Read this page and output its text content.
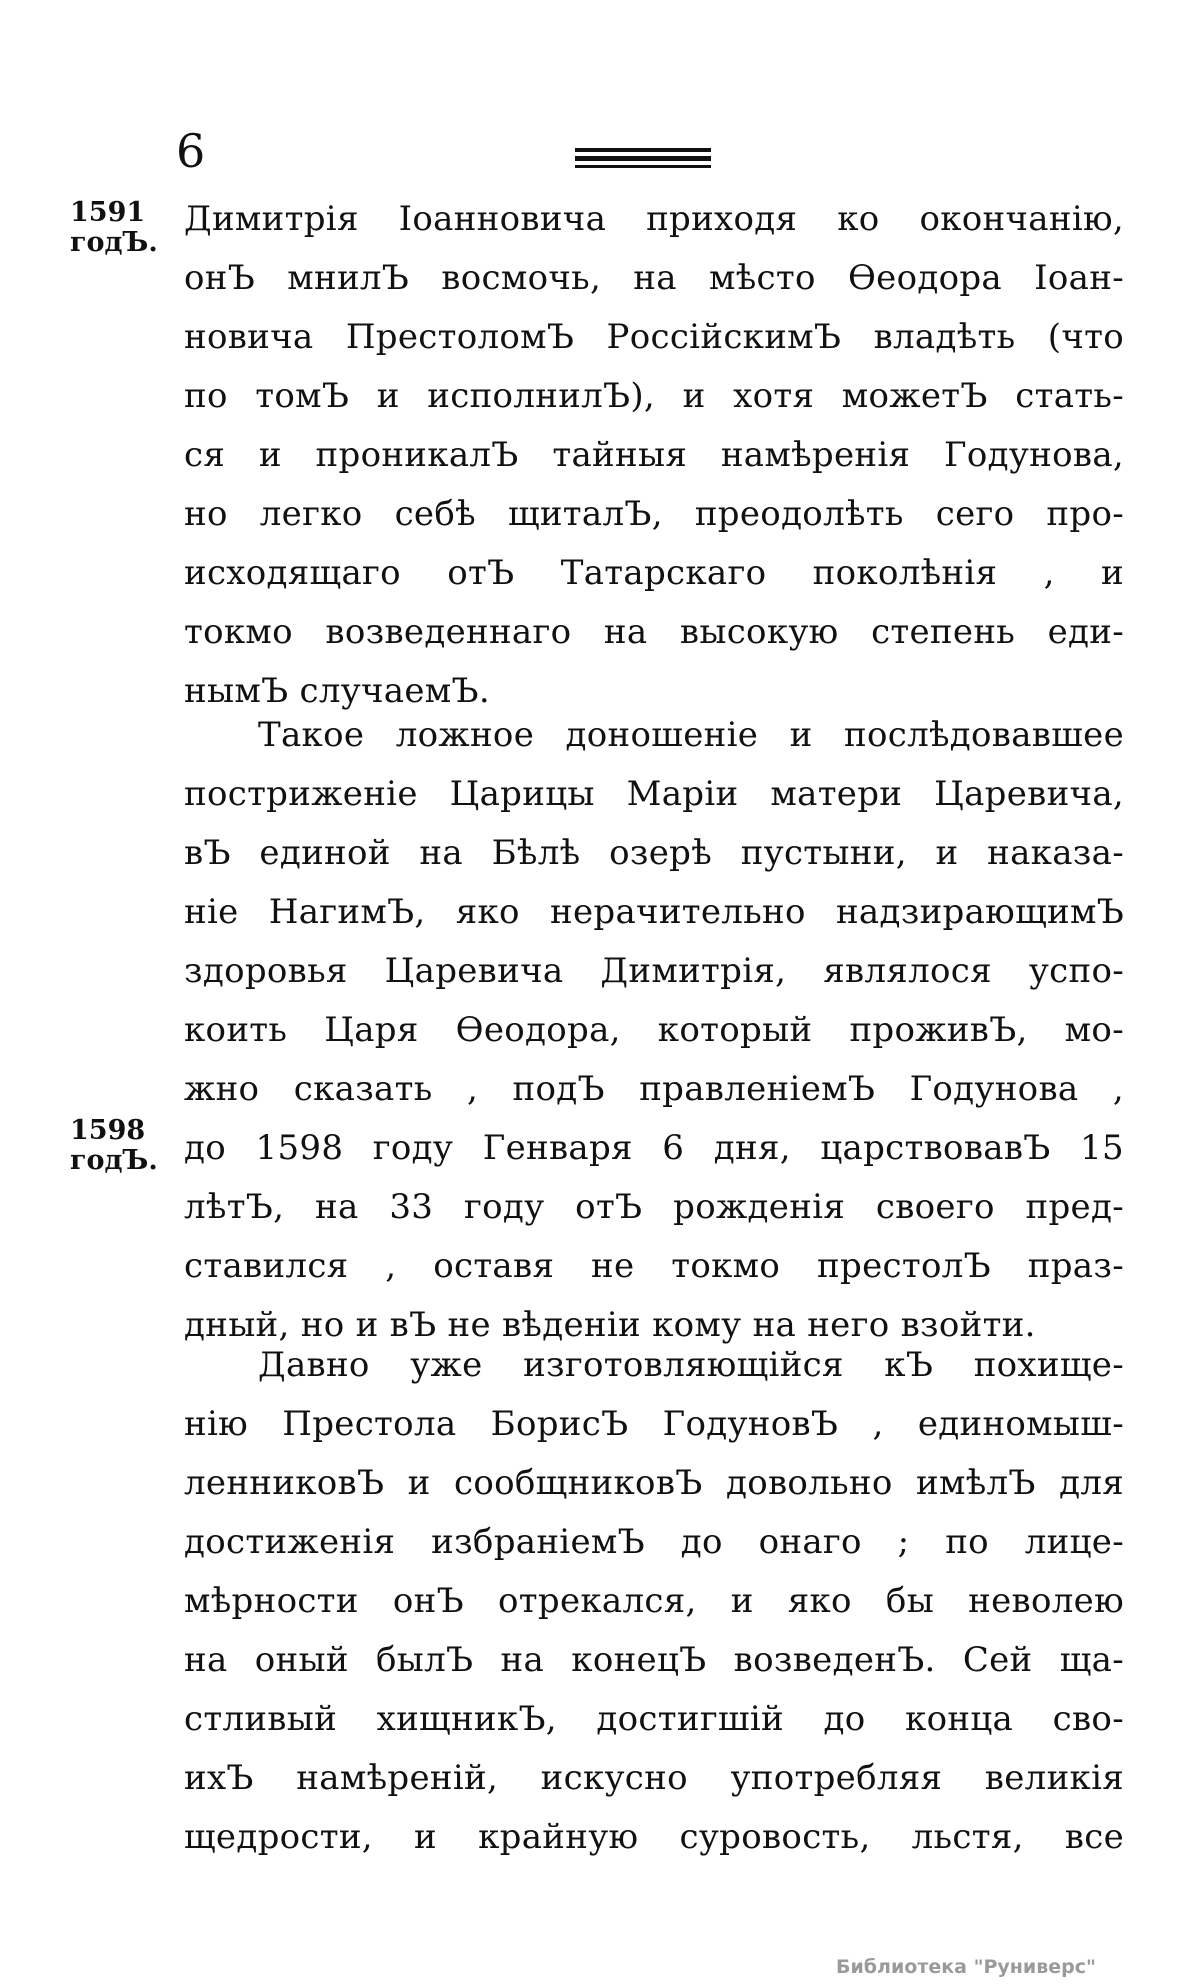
6
1591
годЪ.
1598
годЪ.
Димитрія Іоанновича приходя ко окончанію,
онЪ мнилЪ восмочь, на мѣсто Ѳеодора Іоан-
новича ПрестоломЪ РоссійскимЪ владѣть (что
по томЪ и исполнилЪ), и хотя можетЪ стать-
ся и проникалЪ тайныя намѣренія Годунова,
но легко себѣ щиталЪ, преодолѣть сего про-
исходящаго отЪ Татарскаго поколѣнія , и
токмо возведеннаго на высокую степень еди-
нымЪ случаемЪ.
Такое ложное доношеніе и послѣдовавшее
постриженіе Царицы Маріи матери Царевича,
вЪ единой на Бѣлѣ озерѣ пустыни, и наказа-
ніе НагимЪ, яко нерачительно надзирающимЪ
здоровья Царевича Димитрія, являлося успо-
коить Царя Ѳеодора, который проживЪ, мо-
жно сказать , подЪ правленіемЪ Годунова ,
до 1598 году Генваря 6 дня, царствовавЪ 15
лѣтЪ, на 33 году отЪ рожденія своего пред-
ставился , оставя не токмо престолЪ праз-
дный, но и вЪ не вѣденіи кому на него взойти.
Давно уже изготовляющійся кЪ похище-
нію Престола БорисЪ ГодуновЪ , единомыш-
ленниковЪ и сообщниковЪ довольно имѣлЪ для
достиженія избраніемЪ до онаго ; по лице-
мѣрности онЪ отрекался, и яко бы неволею
на оный былЪ на конецЪ возведенЪ. Сей ща-
стливый хищникЪ, достигшій до конца сво-
ихЪ намѣреній, искусно употребляя великія
щедрости, и крайную суровость, льстя, все
Библиотека "Руниверс"
